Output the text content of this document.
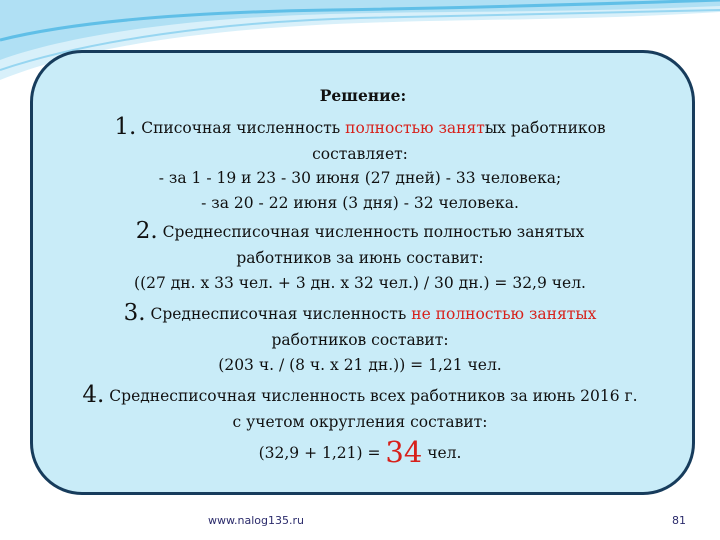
Решение:
1. Списочная численность полностью занятых работников
составляет:
- за 1 - 19 и 23 - 30 июня (27 дней) - 33 человека;
- за 20 - 22 июня (3 дня) - 32 человека.
2. Среднесписочная численность полностью занятых
работников за июнь составит:
((27 дн. х 33 чел. + 3 дн. х 32 чел.) / 30 дн.) = 32,9 чел.
3. Среднесписочная численность не полностью занятых
работников составит:
(203 ч. / (8 ч. х 21 дн.)) = 1,21 чел.
4. Среднесписочная численность всех работников за июнь 2016 г.
с учетом округления составит:
(32,9 + 1,21) = 34 чел.
www.nalog135.ru	81
